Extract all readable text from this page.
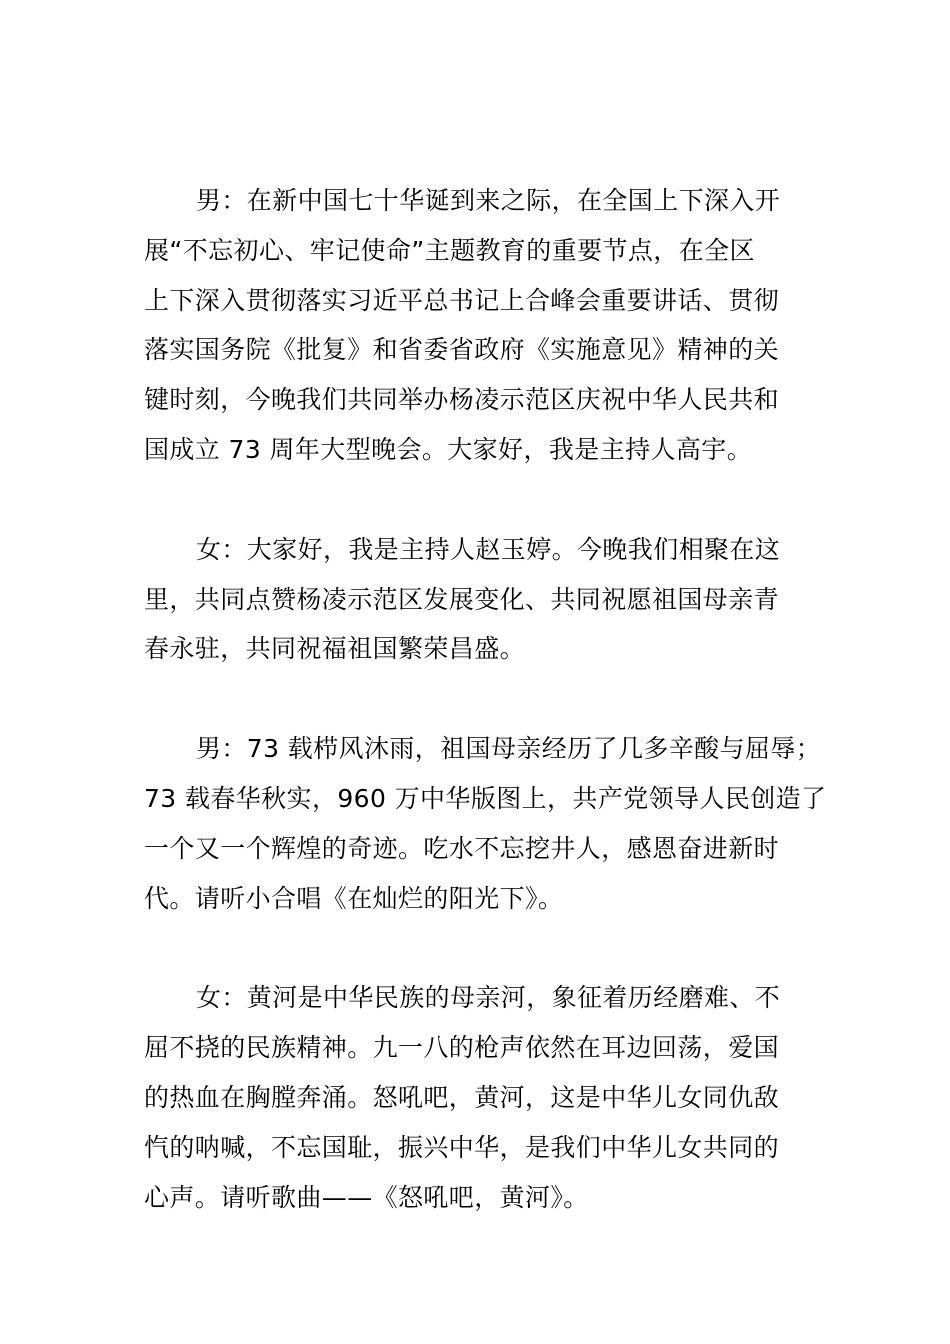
男：在新中国七十华诞到来之际，在全国上下深入开
展“不忘初心、牢记使命”主题教育的重要节点，在全区
上下深入贯彻落实习近平总书记上合峰会重要讲话、贯彻
落实国务院《批复》和省委省政府《实施意见》精神的关
键时刻，今晚我们共同举办杨凌示范区庆祝中华人民共和
国成立 73 周年大型晚会。大家好，我是主持人高宇。

女：大家好，我是主持人赵玉婷。今晚我们相聚在这
里，共同点赞杨凌示范区发展变化、共同祝愿祖国母亲青
春永驻，共同祝福祖国繁荣昌盛。

男：73 载栉风沐雨，祖国母亲经历了几多辛酸与屈辱；
73 载春华秋实，960 万中华版图上，共产党领导人民创造了
一个又一个辉煌的奇迹。吃水不忘挖井人，感恩奋进新时
代。请听小合唱《在灿烂的阳光下》。

女：黄河是中华民族的母亲河，象征着历经磨难、不
屈不挠的民族精神。九一八的枪声依然在耳边回荡，爱国
的热血在胸膛奔涌。怒吼吧，黄河，这是中华儿女同仇敌
忾的呐喊，不忘国耻，振兴中华，是我们中华儿女共同的
心声。请听歌曲——《怒吼吧，黄河》。
